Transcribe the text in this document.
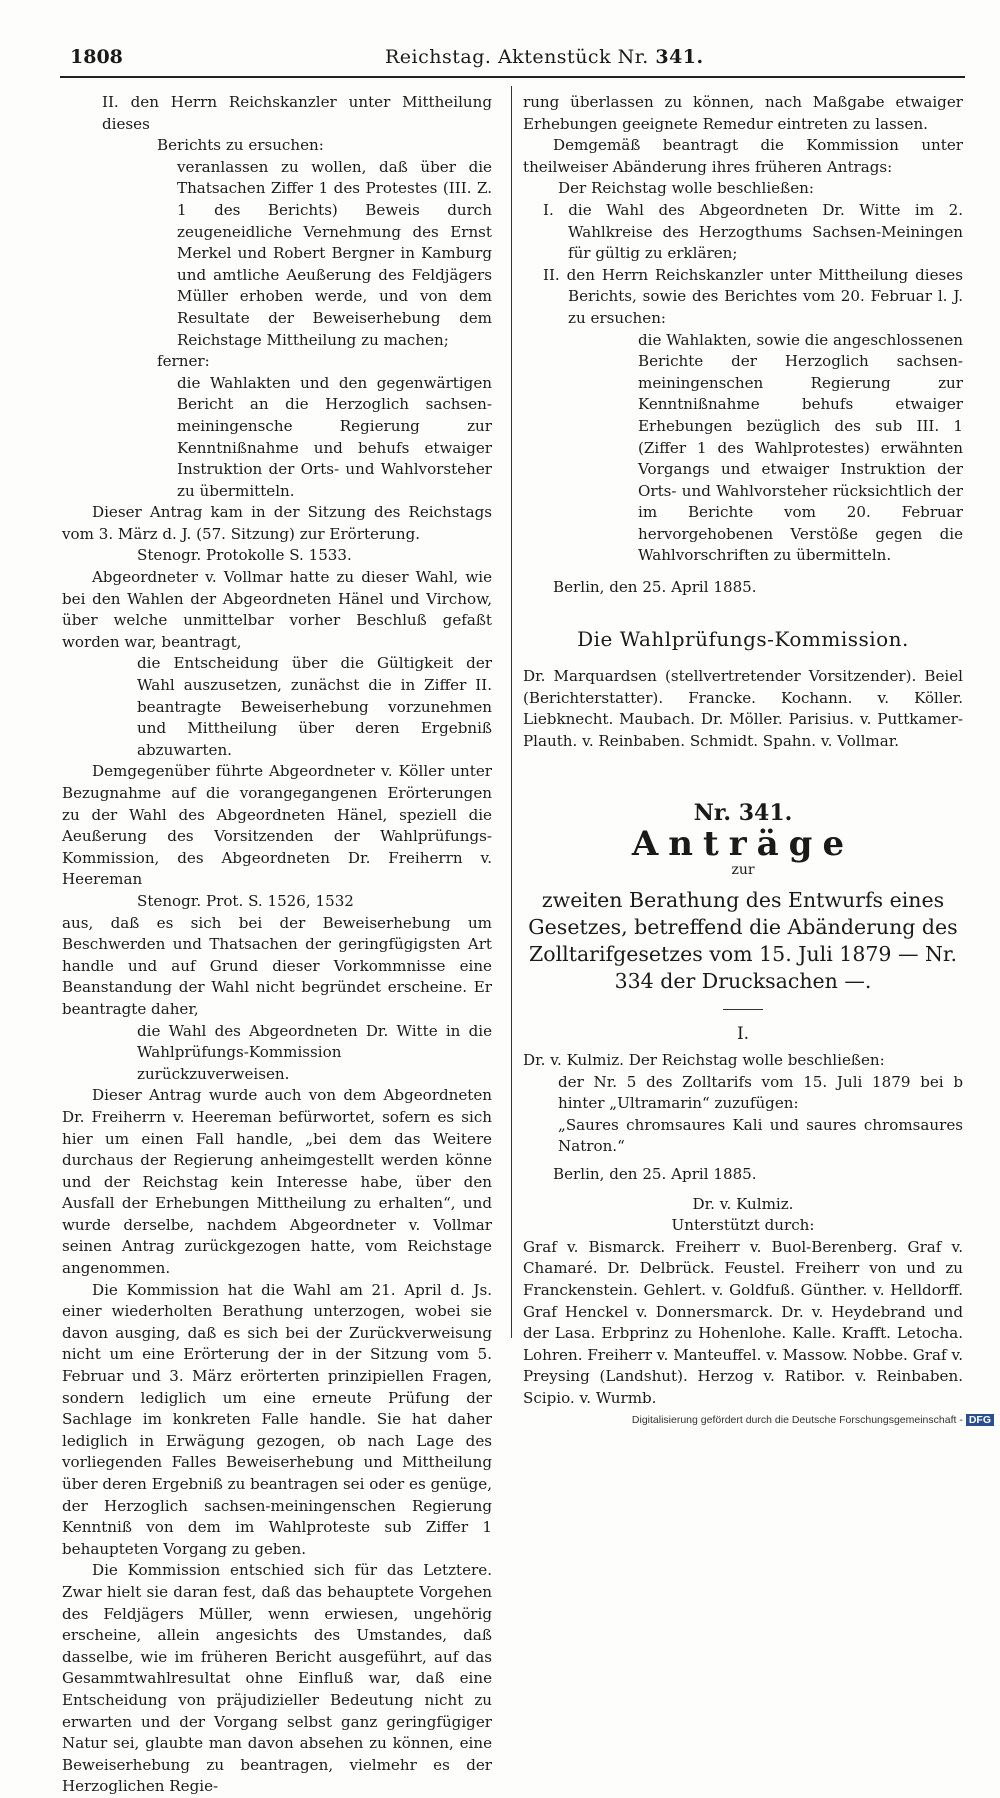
1808	Reichstag. Aktenstück Nr. 341.

II. den Herrn Reichskanzler unter Mittheilung dieses

Berichts zu ersuchen:

veranlassen zu wollen, daß über die Thatsachen Ziffer 1 des Protestes (III. Z. 1 des Berichts) Beweis durch zeugeneidliche Vernehmung des Ernst Merkel und Robert Bergner in Kamburg und amtliche Aeußerung des Feldjägers Müller erhoben werde, und von dem Resultate der Beweiserhebung dem Reichstage Mittheilung zu machen;

ferner:

die Wahlakten und den gegenwärtigen Bericht an die Herzoglich sachsen-meiningensche Regierung zur Kenntnißnahme und behufs etwaiger Instruktion der Orts- und Wahlvorsteher zu übermitteln.

Dieser Antrag kam in der Sitzung des Reichstags vom 3. März d. J. (57. Sitzung) zur Erörterung.

Stenogr. Protokolle S. 1533.

Abgeordneter v. Vollmar hatte zu dieser Wahl, wie bei den Wahlen der Abgeordneten Hänel und Virchow, über welche unmittelbar vorher Beschluß gefaßt worden war, beantragt,

die Entscheidung über die Gültigkeit der Wahl auszusetzen, zunächst die in Ziffer II. beantragte Beweiserhebung vorzunehmen und Mittheilung über deren Ergebniß abzuwarten.

Demgegenüber führte Abgeordneter v. Köller unter Bezugnahme auf die vorangegangenen Erörterungen zu der Wahl des Abgeordneten Hänel, speziell die Aeußerung des Vorsitzenden der Wahlprüfungs-Kommission, des Abgeordneten Dr. Freiherrn v. Heereman

Stenogr. Prot. S. 1526, 1532

aus, daß es sich bei der Beweiserhebung um Beschwerden und Thatsachen der geringfügigsten Art handle und auf Grund dieser Vorkommnisse eine Beanstandung der Wahl nicht begründet erscheine. Er beantragte daher,

die Wahl des Abgeordneten Dr. Witte in die Wahlprüfungs-Kommission zurückzuverweisen.

Dieser Antrag wurde auch von dem Abgeordneten Dr. Freiherrn v. Heereman befürwortet, sofern es sich hier um einen Fall handle, „bei dem das Weitere durchaus der Regierung anheimgestellt werden könne und der Reichstag kein Interesse habe, über den Ausfall der Erhebungen Mittheilung zu erhalten“, und wurde derselbe, nachdem Abgeordneter v. Vollmar seinen Antrag zurückgezogen hatte, vom Reichstage angenommen.

Die Kommission hat die Wahl am 21. April d. Js. einer wiederholten Berathung unterzogen, wobei sie davon ausging, daß es sich bei der Zurückverweisung nicht um eine Erörterung der in der Sitzung vom 5. Februar und 3. März erörterten prinzipiellen Fragen, sondern lediglich um eine erneute Prüfung der Sachlage im konkreten Falle handle. Sie hat daher lediglich in Erwägung gezogen, ob nach Lage des vorliegenden Falles Beweiserhebung und Mittheilung über deren Ergebniß zu beantragen sei oder es genüge, der Herzoglich sachsen-meiningenschen Regierung Kenntniß von dem im Wahlproteste sub Ziffer 1 behaupteten Vorgang zu geben.

Die Kommission entschied sich für das Letztere. Zwar hielt sie daran fest, daß das behauptete Vorgehen des Feldjägers Müller, wenn erwiesen, ungehörig erscheine, allein angesichts des Umstandes, daß dasselbe, wie im früheren Bericht ausgeführt, auf das Gesammtwahlresultat ohne Einfluß war, daß eine Entscheidung von präjudizieller Bedeutung nicht zu erwarten und der Vorgang selbst ganz geringfügiger Natur sei, glaubte man davon absehen zu können, eine Beweiserhebung zu beantragen, vielmehr es der Herzoglichen Regie-

rung überlassen zu können, nach Maßgabe etwaiger Erhebungen geeignete Remedur eintreten zu lassen.

Demgemäß beantragt die Kommission unter theilweiser Abänderung ihres früheren Antrags:

Der Reichstag wolle beschließen:

I. die Wahl des Abgeordneten Dr. Witte im 2. Wahlkreise des Herzogthums Sachsen-Meiningen für gültig zu erklären;

II. den Herrn Reichskanzler unter Mittheilung dieses Berichts, sowie des Berichtes vom 20. Februar l. J. zu ersuchen:

die Wahlakten, sowie die angeschlossenen Berichte der Herzoglich sachsen-meiningenschen Regierung zur Kenntnißnahme behufs etwaiger Erhebungen bezüglich des sub III. 1 (Ziffer 1 des Wahlprotestes) erwähnten Vorgangs und etwaiger Instruktion der Orts- und Wahlvorsteher rücksichtlich der im Berichte vom 20. Februar hervorgehobenen Verstöße gegen die Wahlvorschriften zu übermitteln.

Berlin, den 25. April 1885.

Die Wahlprüfungs-Kommission.

Dr. Marquardsen (stellvertretender Vorsitzender). Beiel (Berichterstatter). Francke. Kochann. v. Köller. Liebknecht. Maubach. Dr. Möller. Parisius. v. Puttkamer-Plauth. v. Reinbaben. Schmidt. Spahn. v. Vollmar.

Nr. 341.
Anträge
zur

zweiten Berathung des Entwurfs eines Gesetzes, betreffend die Abänderung des Zolltarifgesetzes vom 15. Juli 1879 — Nr. 334 der Drucksachen —.

I.

Dr. v. Kulmiz. Der Reichstag wolle beschließen:

der Nr. 5 des Zolltarifs vom 15. Juli 1879 bei b hinter „Ultramarin“ zuzufügen:

„Saures chromsaures Kali und saures chromsaures Natron.“

Berlin, den 25. April 1885.

Dr. v. Kulmiz.

Unterstützt durch:

Graf v. Bismarck. Freiherr v. Buol-Berenberg. Graf v. Chamaré. Dr. Delbrück. Feustel. Freiherr von und zu Franckenstein. Gehlert. v. Goldfuß. Günther. v. Helldorff. Graf Henckel v. Donnersmarck. Dr. v. Heydebrand und der Lasa. Erbprinz zu Hohenlohe. Kalle. Krafft. Letocha. Lohren. Freiherr v. Manteuffel. v. Massow. Nobbe. Graf v. Preysing (Landshut). Herzog v. Ratibor. v. Reinbaben. Scipio. v. Wurmb.

Digitalisierung gefördert durch die Deutsche Forschungsgemeinschaft - DFG
